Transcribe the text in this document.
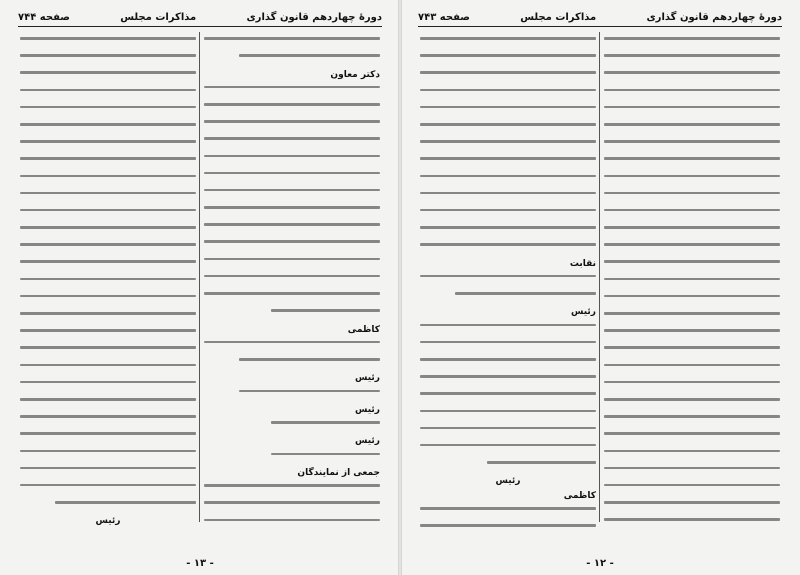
دورهٔ چهاردهم قانون گذاری
مذاکرات مجلس
صفحه ۷۴۴
دکتر معاون
کاظمی
رئیس
رئیس
رئیس
جمعی از نمایندگان
رئیس
- ۱۳ -
دورهٔ چهاردهم قانون گذاری
مذاکرات مجلس
صفحه ۷۴۳
نقابت
رئیس
رئیس
کاظمی
- ۱۲ -
